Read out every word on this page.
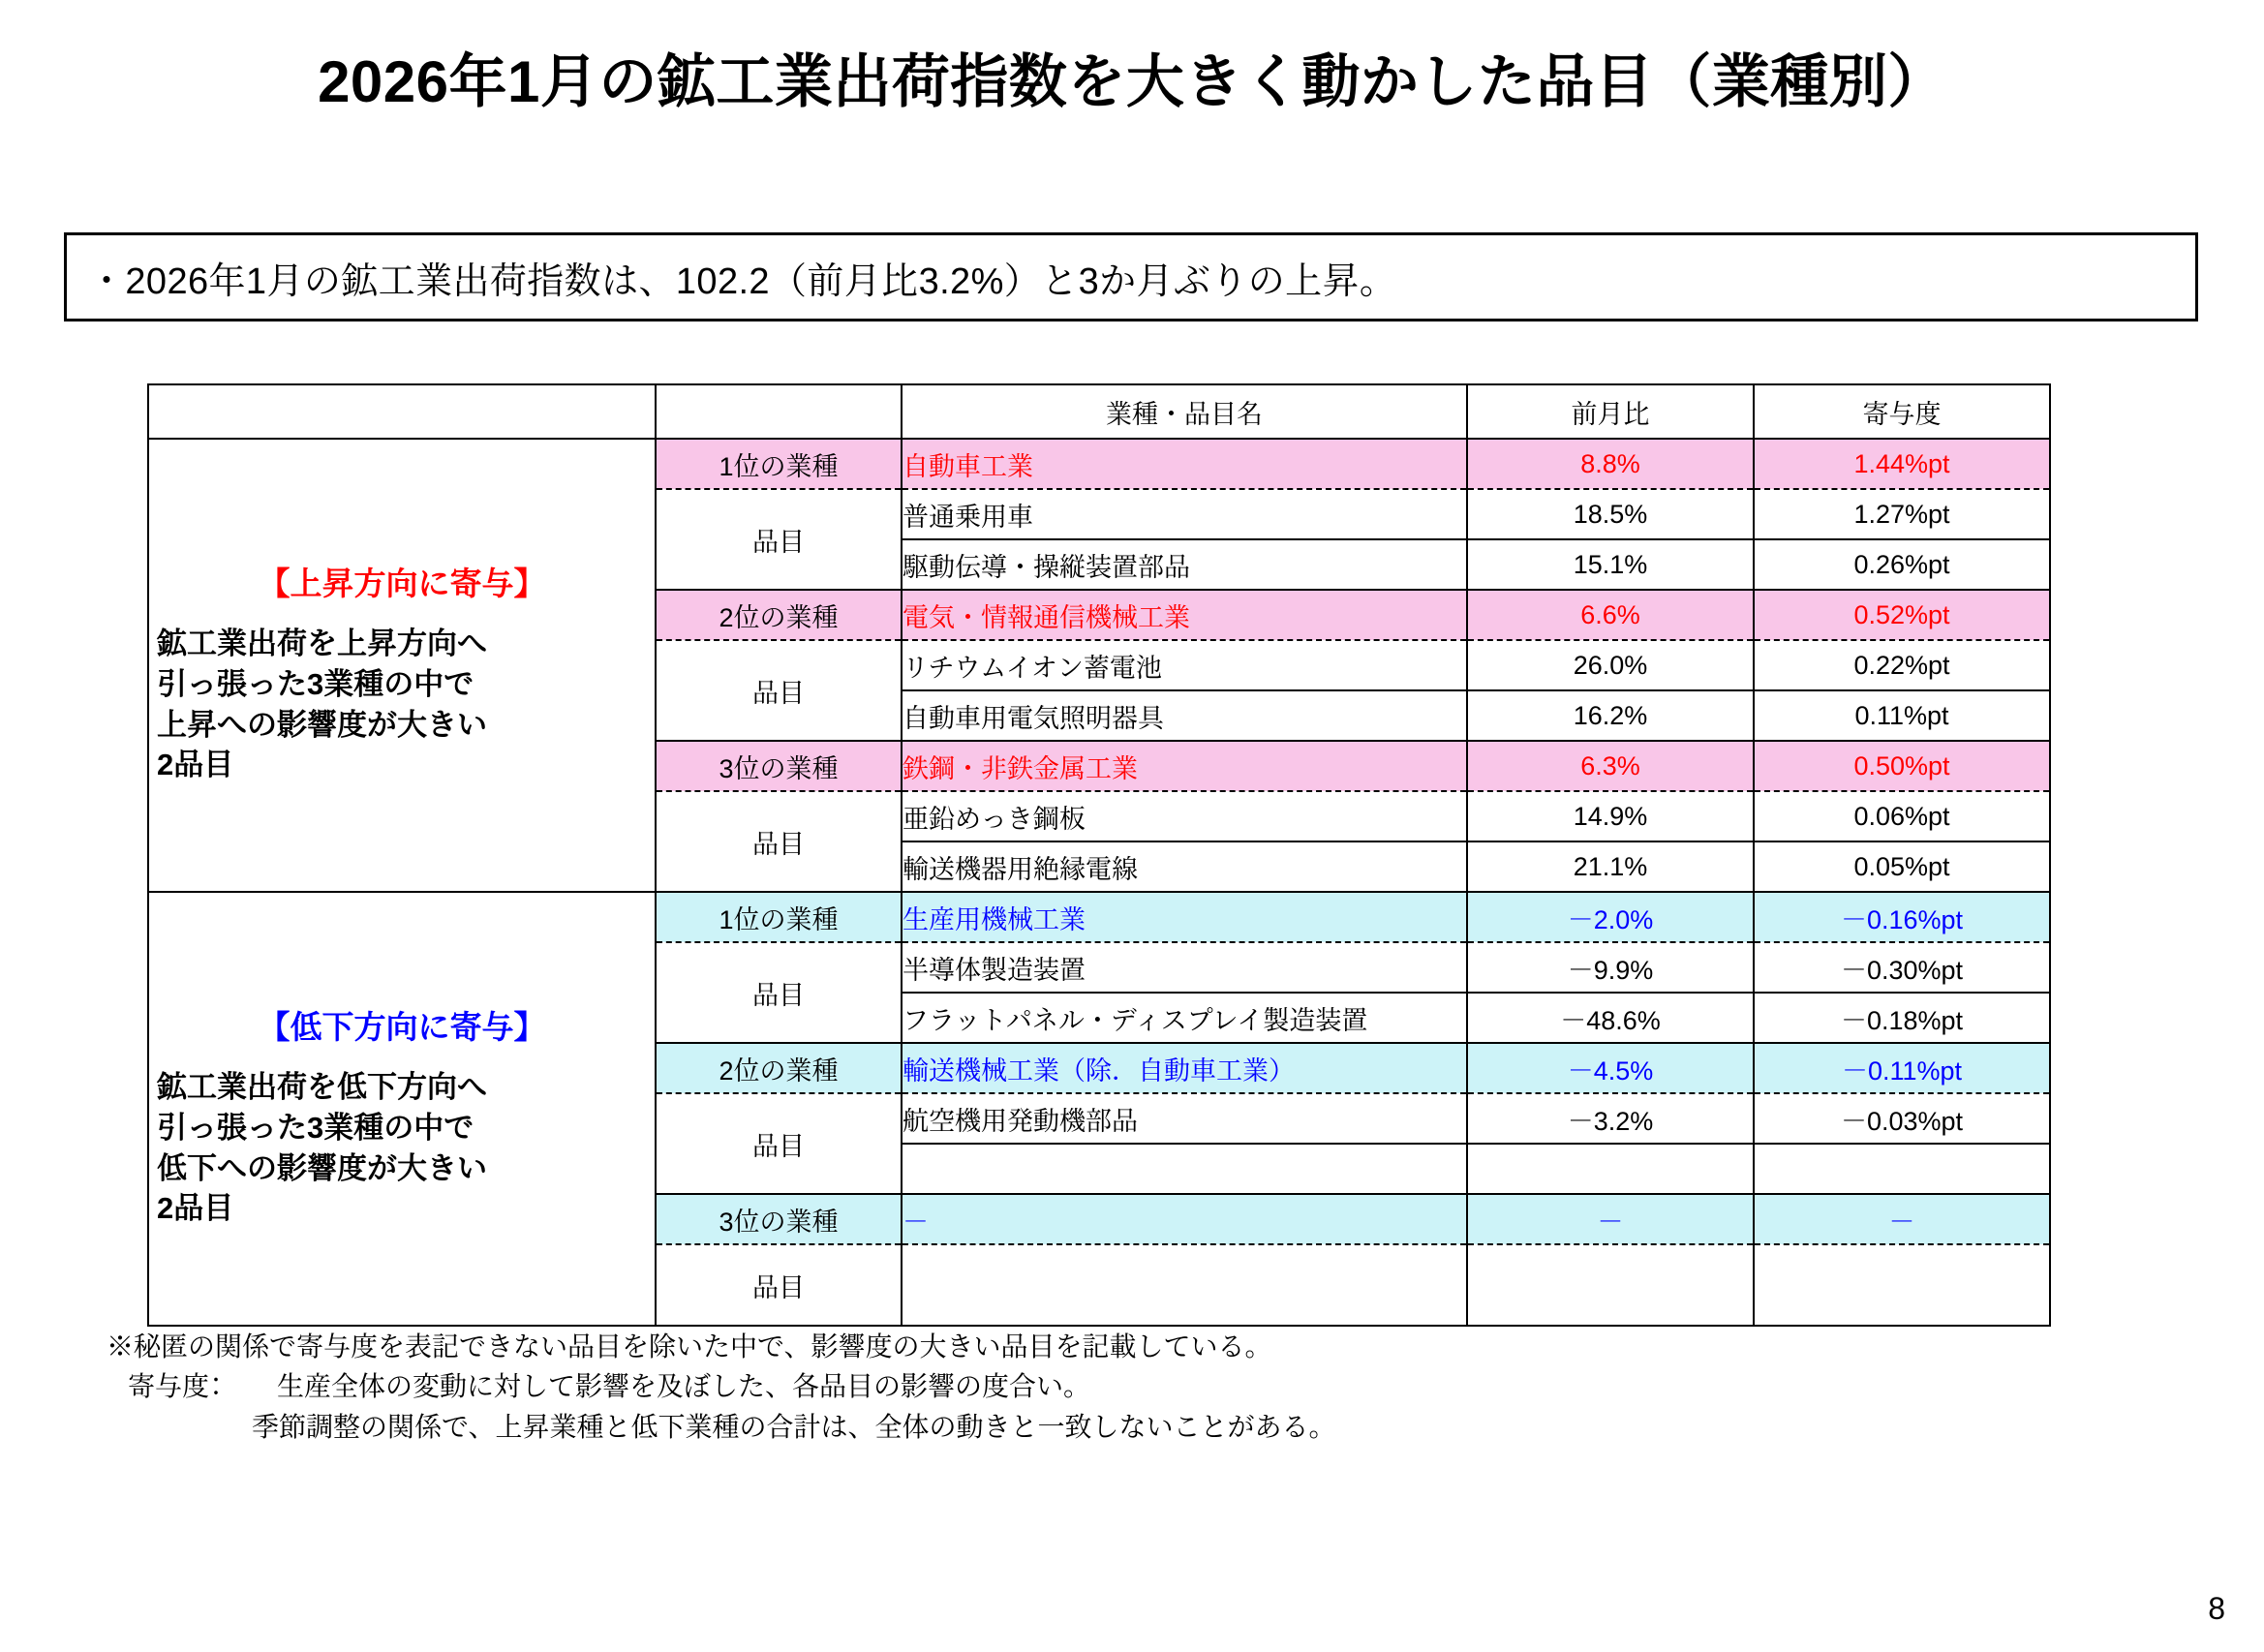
2026年1月の鉱工業出荷指数を大きく動かした品目（業種別）
・2026年1月の鉱工業出荷指数は、102.2（前月比3.2%）と3か月ぶりの上昇。
		業種・品目名	前月比	寄与度

【上昇方向に寄与】
鉱工業出荷を上昇方向へ
引っ張った3業種の中で
上昇への影響度が大きい
2品目	1位の業種	自動車工業	8.8%	1.44%pt
	品目	普通乗用車	18.5%	1.27%pt
		駆動伝導・操縦装置部品	15.1%	0.26%pt
	2位の業種	電気・情報通信機械工業	6.6%	0.52%pt
	品目	リチウムイオン蓄電池	26.0%	0.22%pt
		自動車用電気照明器具	16.2%	0.11%pt
	3位の業種	鉄鋼・非鉄金属工業	6.3%	0.50%pt
	品目	亜鉛めっき鋼板	14.9%	0.06%pt
		輸送機器用絶縁電線	21.1%	0.05%pt

【低下方向に寄与】
鉱工業出荷を低下方向へ
引っ張った3業種の中で
低下への影響度が大きい
2品目	1位の業種	生産用機械工業	－2.0%	－0.16%pt
	品目	半導体製造装置	－9.9%	－0.30%pt
		フラットパネル・ディスプレイ製造装置	－48.6%	－0.18%pt
	2位の業種	輸送機械工業（除．自動車工業）	－4.5%	－0.11%pt
	品目	航空機用発動機部品	－3.2%	－0.03%pt

	3位の業種	－	－	－
	品目			
※秘匿の関係で寄与度を表記できない品目を除いた中で、影響度の大きい品目を記載している。
寄与度：　　生産全体の変動に対して影響を及ぼした、各品目の影響の度合い。
季節調整の関係で、上昇業種と低下業種の合計は、全体の動きと一致しないことがある。
8
